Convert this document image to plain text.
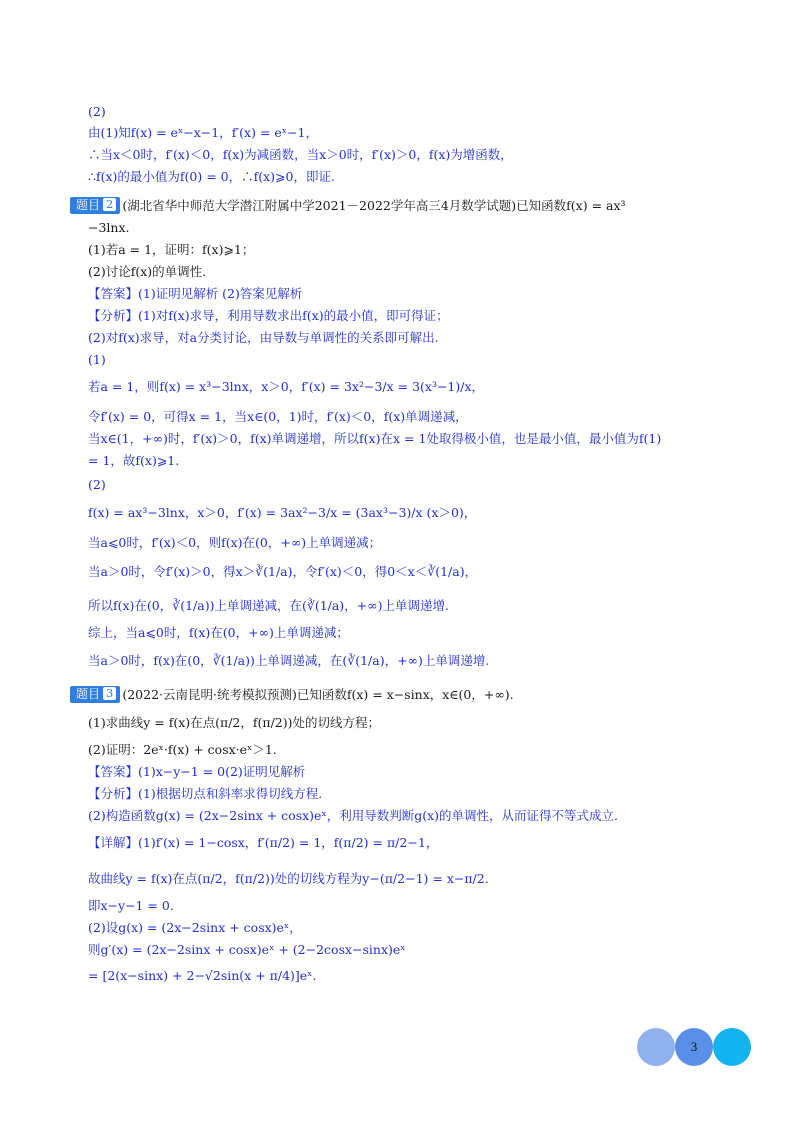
(2)
由(1)知f(x) = eˣ−x−1，f′(x) = eˣ−1，
∴当x＜0时，f′(x)＜0，f(x)为减函数，当x＞0时，f′(x)＞0，f(x)为增函数，
∴f(x)的最小值为f(0) = 0，∴f(x)⩾0，即证.
题目 2 (湖北省华中师范大学潜江附属中学2021－2022学年高三4月数学试题)已知函数f(x) = ax³
−3lnx.
(1)若a = 1，证明：f(x)⩾1；
(2)讨论f(x)的单调性.
【答案】(1)证明见解析 (2)答案见解析
【分析】(1)对f(x)求导，利用导数求出f(x)的最小值，即可得证；
(2)对f(x)求导，对a分类讨论，由导数与单调性的关系即可解出.
(1)
若a = 1，则f(x) = x³−3lnx，x＞0，f′(x) = 3x²−3/x = 3(x³−1)/x，
令f′(x) = 0，可得x = 1，当x∈(0，1)时，f′(x)＜0，f(x)单调递减，
当x∈(1，+∞)时，f′(x)＞0，f(x)单调递增，所以f(x)在x = 1处取得极小值，也是最小值，最小值为f(1)
= 1，故f(x)⩾1.
(2)
f(x) = ax³−3lnx，x＞0，f′(x) = 3ax²−3/x = (3ax³−3)/x (x＞0)，
当a⩽0时，f′(x)＜0，则f(x)在(0，+∞)上单调递减；
当a＞0时，令f′(x)＞0，得x＞∛(1/a)，令f′(x)＜0，得0＜x＜∛(1/a)，
所以f(x)在(0，∛(1/a))上单调递减，在(∛(1/a)，+∞)上单调递增.
综上，当a⩽0时，f(x)在(0，+∞)上单调递减；
当a＞0时，f(x)在(0，∛(1/a))上单调递减，在(∛(1/a)，+∞)上单调递增.
题目 3 (2022·云南昆明·统考模拟预测)已知函数f(x) = x−sinx，x∈(0，+∞).
(1)求曲线y = f(x)在点(π/2，f(π/2))处的切线方程；
(2)证明：2eˣ·f(x) + cosx·eˣ＞1.
【答案】(1)x−y−1 = 0(2)证明见解析
【分析】(1)根据切点和斜率求得切线方程.
(2)构造函数g(x) = (2x−2sinx + cosx)eˣ，利用导数判断g(x)的单调性，从而证得不等式成立.
【详解】(1)f′(x) = 1−cosx，f′(π/2) = 1，f(π/2) = π/2−1，
故曲线y = f(x)在点(π/2，f(π/2))处的切线方程为y−(π/2−1) = x−π/2.
即x−y−1 = 0.
(2)设g(x) = (2x−2sinx + cosx)eˣ，
则g′(x) = (2x−2sinx + cosx)eˣ + (2−2cosx−sinx)eˣ
= [2(x−sinx) + 2−√2sin(x + π/4)]eˣ.
3
